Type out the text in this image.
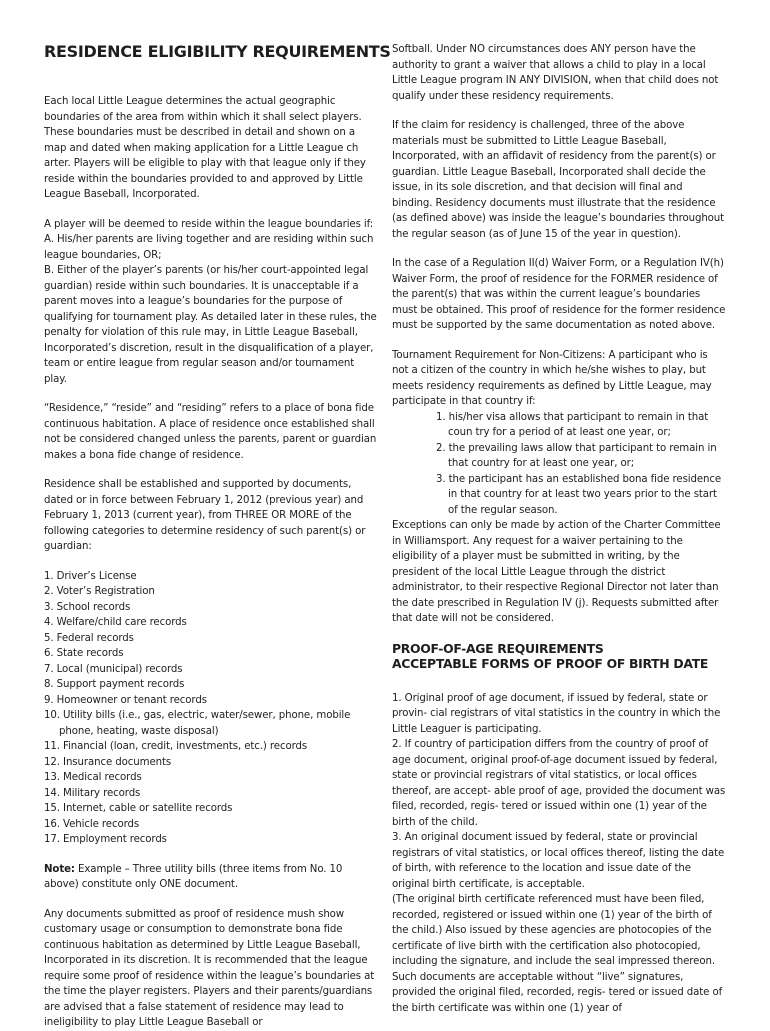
RESIDENCE ELIGIBILITY REQUIREMENTS

Each local Little League determines the actual geographic boundaries of the area from within which it shall select players. These boundaries must be described in detail and shown on a map and dated when making application for a Little League ch arter. Players will be eligible to play with that league only if they reside within the boundaries provided to and approved by Little League Baseball, Incorporated.

A player will be deemed to reside within the league boundaries if:

A. His/her parents are living together and are residing within such league boundaries, OR;

B. Either of the player’s parents (or his/her court-appointed legal guardian) reside within such boundaries. It is unacceptable if a parent moves into a league’s boundaries for the purpose of qualifying for tournament play. As detailed later in these rules, the penalty for violation of this rule may, in Little League Baseball, Incorporated’s discretion, result in the disqualification of a player, team or entire league from regular season and/or tournament play.

“Residence,” “reside” and “residing” refers to a place of bona fide continuous habitation. A place of residence once established shall not be considered changed unless the parents, parent or guardian makes a bona fide change of residence.

Residence shall be established and supported by documents, dated or in force between February 1, 2012 (previous year) and February 1, 2013 (current year), from THREE OR MORE of the following categories to determine residency of such parent(s) or guardian:

1. Driver’s License
2. Voter’s Registration
3. School records
4. Welfare/child care records
5. Federal records
6. State records
7. Local (municipal) records
8. Support payment records
9. Homeowner or tenant records
10. Utility bills (i.e., gas, electric, water/sewer, phone, mobile phone, heating, waste disposal)
11. Financial (loan, credit, investments, etc.) records
12. Insurance documents
13. Medical records
14. Military records
15. Internet, cable or satellite records
16. Vehicle records
17. Employment records

Note: Example – Three utility bills (three items from No. 10 above) constitute only ONE document.

Any documents submitted as proof of residence mush show customary usage or consumption to demonstrate bona fide continuous habitation as determined by Little League Baseball, Incorporated in its discretion. It is recommended that the league require some proof of residence within the league’s boundaries at the time the player registers. Players and their parents/guardians are advised that a false statement of residence may lead to ineligibility to play Little League Baseball or

Softball. Under NO circumstances does ANY person have the authority to grant a waiver that allows a child to play in a local Little League program IN ANY DIVISION, when that child does not qualify under these residency requirements.

If the claim for residency is challenged, three of the above materials must be submitted to Little League Baseball, Incorporated, with an affidavit of residency from the parent(s) or guardian. Little League Baseball, Incorporated shall decide the issue, in its sole discretion, and that decision will final and binding. Residency documents must illustrate that the residence (as defined above) was inside the league’s boundaries throughout the regular season (as of June 15 of the year in question).

In the case of a Regulation II(d) Waiver Form, or a Regulation IV(h) Waiver Form, the proof of residence for the FORMER residence of the parent(s) that was within the current league’s boundaries must be obtained. This proof of residence for the former residence must be supported by the same documentation as noted above.

Tournament Requirement for Non-Citizens: A participant who is not a citizen of the country in which he/she wishes to play, but meets residency requirements as defined by Little League, may participate in that country if:

1. his/her visa allows that participant to remain in that coun try for a period of at least one year, or;
2. the prevailing laws allow that participant to remain in that country for at least one year, or;
3. the participant has an established bona fide residence in that country for at least two years prior to the start of the regular season.

Exceptions can only be made by action of the Charter Committee in Williamsport. Any request for a waiver pertaining to the eligibility of a player must be submitted in writing, by the president of the local Little League through the district administrator, to their respective Regional Director not later than the date prescribed in Regulation IV (j). Requests submitted after that date will not be considered.

PROOF-OF-AGE REQUIREMENTS
ACCEPTABLE FORMS OF PROOF OF BIRTH DATE

1. Original proof of age document, if issued by federal, state or provin- cial registrars of vital statistics in the country in which the Little Leaguer is participating.

2. If country of participation differs from the country of proof of age document, original proof-of-age document issued by federal, state or provincial registrars of vital statistics, or local offices thereof, are accept- able proof of age, provided the document was filed, recorded, regis- tered or issued within one (1) year of the birth of the child.

3. An original document issued by federal, state or provincial registrars of vital statistics, or local offices thereof, listing the date of birth, with reference to the location and issue date of the original birth certificate, is acceptable.

(The original birth certificate referenced must have been filed, recorded, registered or issued within one (1) year of the birth of the child.) Also issued by these agencies are photocopies of the certificate of live birth with the certification also photocopied, including the signature, and include the seal impressed thereon. Such documents are acceptable without “live” signatures, provided the original filed, recorded, regis- tered or issued date of the birth certificate was within one (1) year of
